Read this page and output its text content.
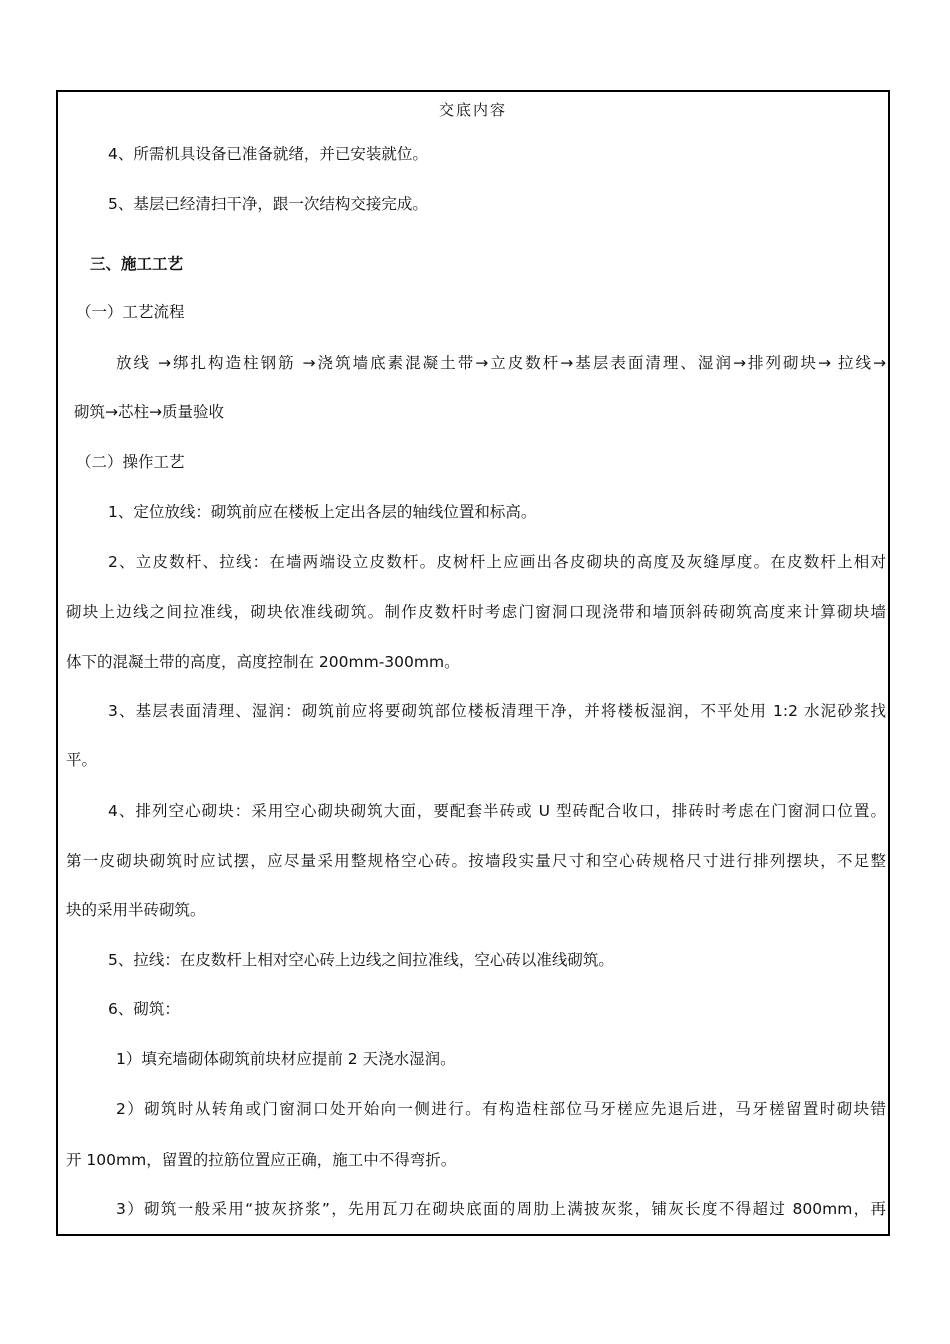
交底内容
4、所需机具设备已准备就绪，并已安装就位。
5、基层已经清扫干净，跟一次结构交接完成。
三、施工工艺
（一）工艺流程
放线 →绑扎构造柱钢筋 →浇筑墙底素混凝土带→立皮数杆→基层表面清理、湿润→排列砌块→ 拉线→
砌筑→芯柱→质量验收
（二）操作工艺
1、定位放线：砌筑前应在楼板上定出各层的轴线位置和标高。
2、立皮数杆、拉线：在墙两端设立皮数杆。皮树杆上应画出各皮砌块的高度及灰缝厚度。在皮数杆上相对
砌块上边线之间拉准线，砌块依准线砌筑。制作皮数杆时考虑门窗洞口现浇带和墙顶斜砖砌筑高度来计算砌块墙
体下的混凝土带的高度，高度控制在 200mm-300mm。
3、基层表面清理、湿润：砌筑前应将要砌筑部位楼板清理干净，并将楼板湿润，不平处用 1:2 水泥砂浆找
平。
4、排列空心砌块：采用空心砌块砌筑大面，要配套半砖或 U 型砖配合收口，排砖时考虑在门窗洞口位置。
第一皮砌块砌筑时应试摆，应尽量采用整规格空心砖。按墙段实量尺寸和空心砖规格尺寸进行排列摆块，不足整
块的采用半砖砌筑。
5、拉线：在皮数杆上相对空心砖上边线之间拉准线，空心砖以准线砌筑。
6、砌筑：
1）填充墙砌体砌筑前块材应提前 2 天浇水湿润。
2）砌筑时从转角或门窗洞口处开始向一侧进行。有构造柱部位马牙槎应先退后进，马牙槎留置时砌块错
开 100mm，留置的拉筋位置应正确，施工中不得弯折。
3）砌筑一般采用“披灰挤浆”，先用瓦刀在砌块底面的周肋上满披灰浆，铺灰长度不得超过 800mm，再
